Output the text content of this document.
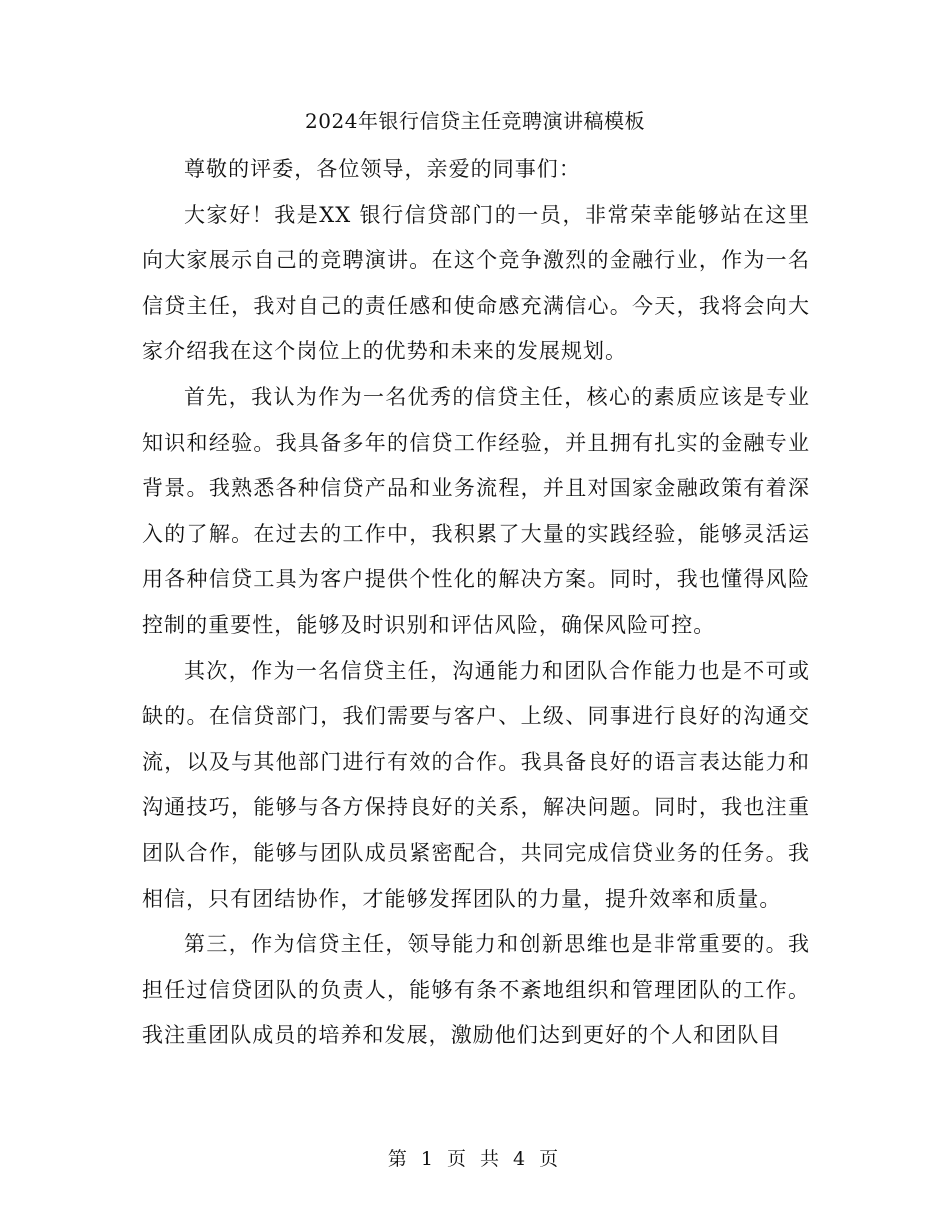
2024年银行信贷主任竞聘演讲稿模板

尊敬的评委，各位领导，亲爱的同事们：

大家好！我是XX 银行信贷部门的一员，非常荣幸能够站在这里向大家展示自己的竞聘演讲。在这个竞争激烈的金融行业，作为一名信贷主任，我对自己的责任感和使命感充满信心。今天，我将会向大家介绍我在这个岗位上的优势和未来的发展规划。

首先，我认为作为一名优秀的信贷主任，核心的素质应该是专业知识和经验。我具备多年的信贷工作经验，并且拥有扎实的金融专业背景。我熟悉各种信贷产品和业务流程，并且对国家金融政策有着深入的了解。在过去的工作中，我积累了大量的实践经验，能够灵活运用各种信贷工具为客户提供个性化的解决方案。同时，我也懂得风险控制的重要性，能够及时识别和评估风险，确保风险可控。

其次，作为一名信贷主任，沟通能力和团队合作能力也是不可或缺的。在信贷部门，我们需要与客户、上级、同事进行良好的沟通交流，以及与其他部门进行有效的合作。我具备良好的语言表达能力和沟通技巧，能够与各方保持良好的关系，解决问题。同时，我也注重团队合作，能够与团队成员紧密配合，共同完成信贷业务的任务。我相信，只有团结协作，才能够发挥团队的力量，提升效率和质量。

第三，作为信贷主任，领导能力和创新思维也是非常重要的。我担任过信贷团队的负责人，能够有条不紊地组织和管理团队的工作。我注重团队成员的培养和发展，激励他们达到更好的个人和团队目

第 1 页 共 4 页
